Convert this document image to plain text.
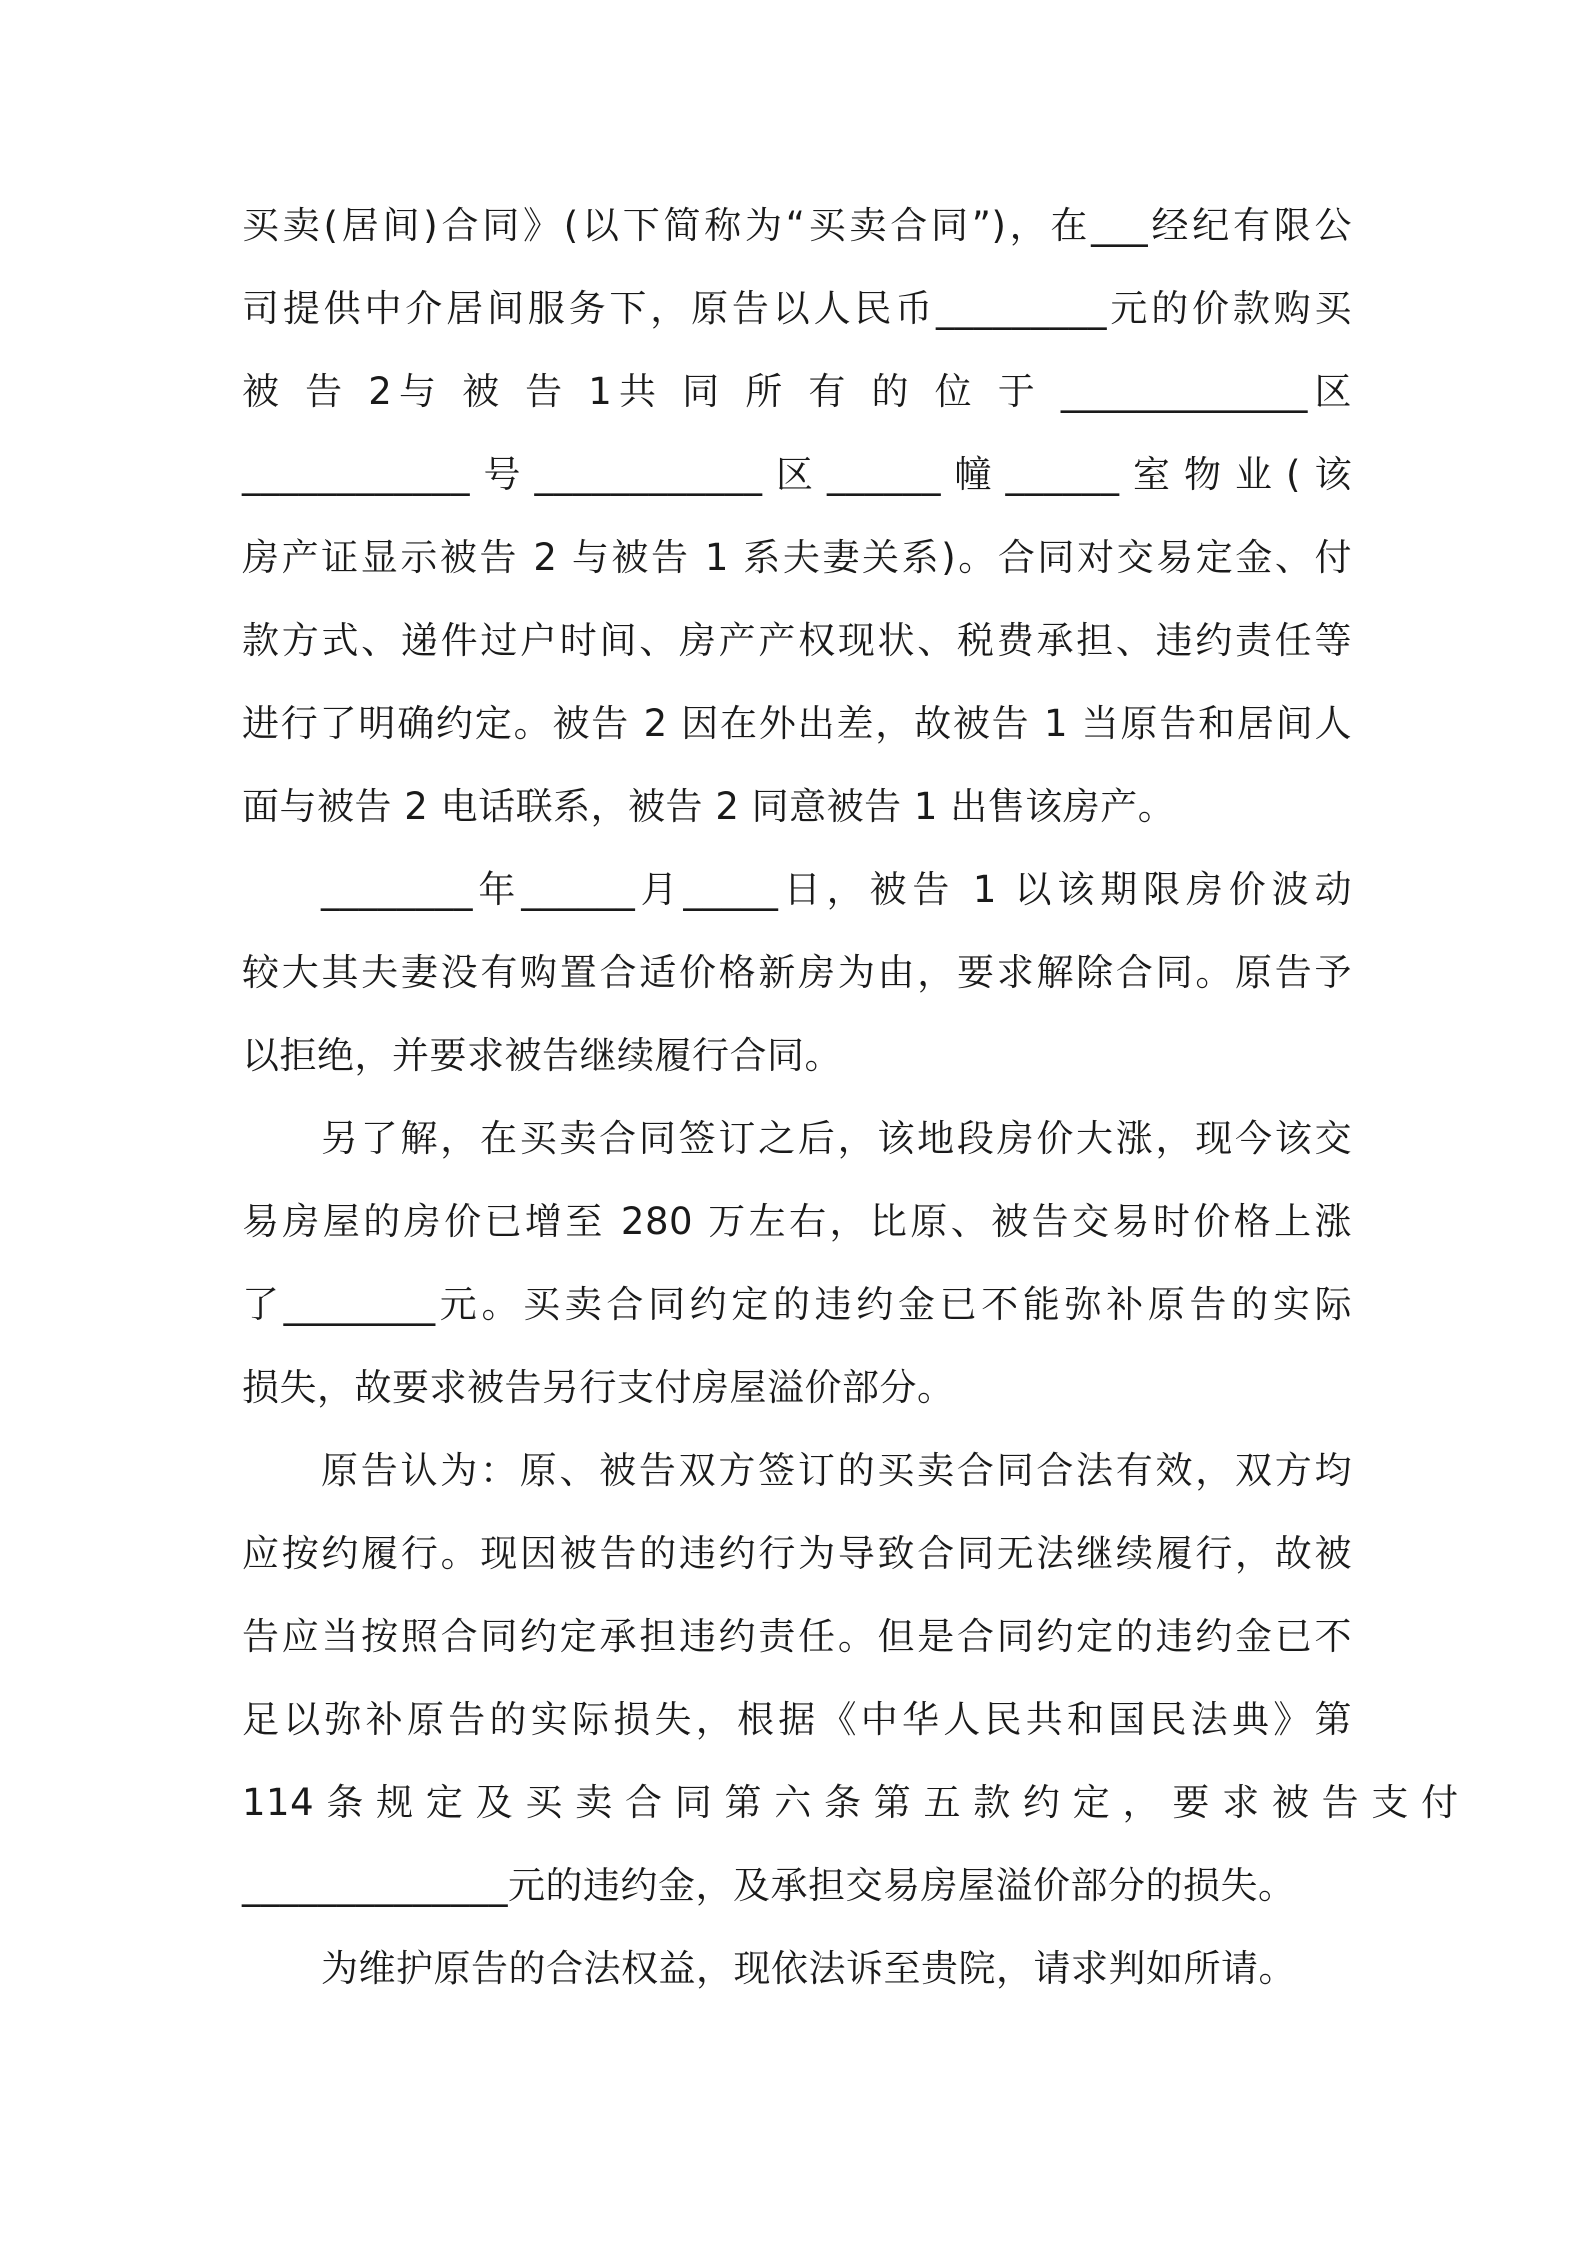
买卖(居间)合同》(以下简称为“买卖合同”)，在___经纪有限公
司提供中介居间服务下，原告以人民币_________元的价款购买
被 告 2与 被 告 1共 同 所 有 的 位 于 _____________区
____________号____________区______幢______室物业(该
房产证显示被告 2 与被告 1 系夫妻关系)。合同对交易定金、付
款方式、递件过户时间、房产产权现状、税费承担、违约责任等
进行了明确约定。被告 2 因在外出差，故被告 1 当原告和居间人
面与被告 2 电话联系，被告 2 同意被告 1 出售该房产。
________年______月_____日，被告 1 以该期限房价波动
较大其夫妻没有购置合适价格新房为由，要求解除合同。原告予
以拒绝，并要求被告继续履行合同。
另了解，在买卖合同签订之后，该地段房价大涨，现今该交
易房屋的房价已增至 280 万左右，比原、被告交易时价格上涨
了________元。买卖合同约定的违约金已不能弥补原告的实际
损失，故要求被告另行支付房屋溢价部分。
原告认为：原、被告双方签订的买卖合同合法有效，双方均
应按约履行。现因被告的违约行为导致合同无法继续履行，故被
告应当按照合同约定承担违约责任。但是合同约定的违约金已不
足以弥补原告的实际损失，根据《中华人民共和国民法典》第
114 条 规 定 及 买 卖 合 同 第 六 条 第 五 款 约 定 ， 要 求 被 告 支 付
______________元的违约金，及承担交易房屋溢价部分的损失。
为维护原告的合法权益，现依法诉至贵院，请求判如所请。
